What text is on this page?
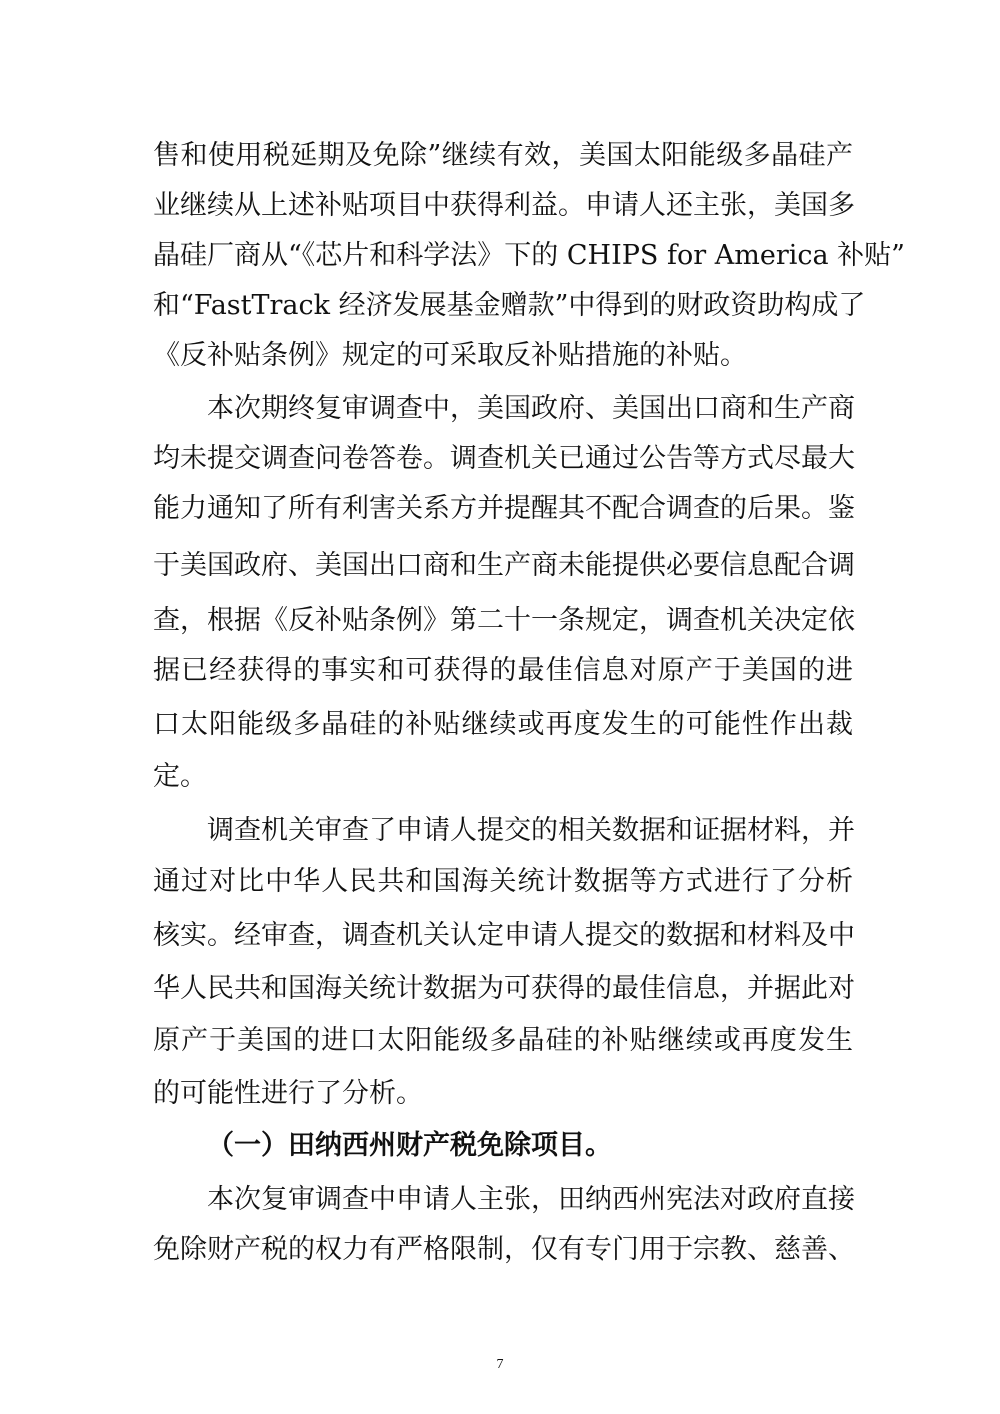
售和使用税延期及免除”继续有效，美国太阳能级多晶硅产
业继续从上述补贴项目中获得利益。申请人还主张，美国多
晶硅厂商从“《芯片和科学法》下的 CHIPS for America 补贴”
和“FastTrack 经济发展基金赠款”中得到的财政资助构成了
《反补贴条例》规定的可采取反补贴措施的补贴。
本次期终复审调查中，美国政府、美国出口商和生产商
均未提交调查问卷答卷。调查机关已通过公告等方式尽最大
能力通知了所有利害关系方并提醒其不配合调查的后果。鉴
于美国政府、美国出口商和生产商未能提供必要信息配合调
查，根据《反补贴条例》第二十一条规定，调查机关决定依
据已经获得的事实和可获得的最佳信息对原产于美国的进
口太阳能级多晶硅的补贴继续或再度发生的可能性作出裁
定。
调查机关审查了申请人提交的相关数据和证据材料，并
通过对比中华人民共和国海关统计数据等方式进行了分析
核实。经审查，调查机关认定申请人提交的数据和材料及中
华人民共和国海关统计数据为可获得的最佳信息，并据此对
原产于美国的进口太阳能级多晶硅的补贴继续或再度发生
的可能性进行了分析。
（一）田纳西州财产税免除项目。
本次复审调查中申请人主张，田纳西州宪法对政府直接
免除财产税的权力有严格限制，仅有专门用于宗教、慈善、
7
